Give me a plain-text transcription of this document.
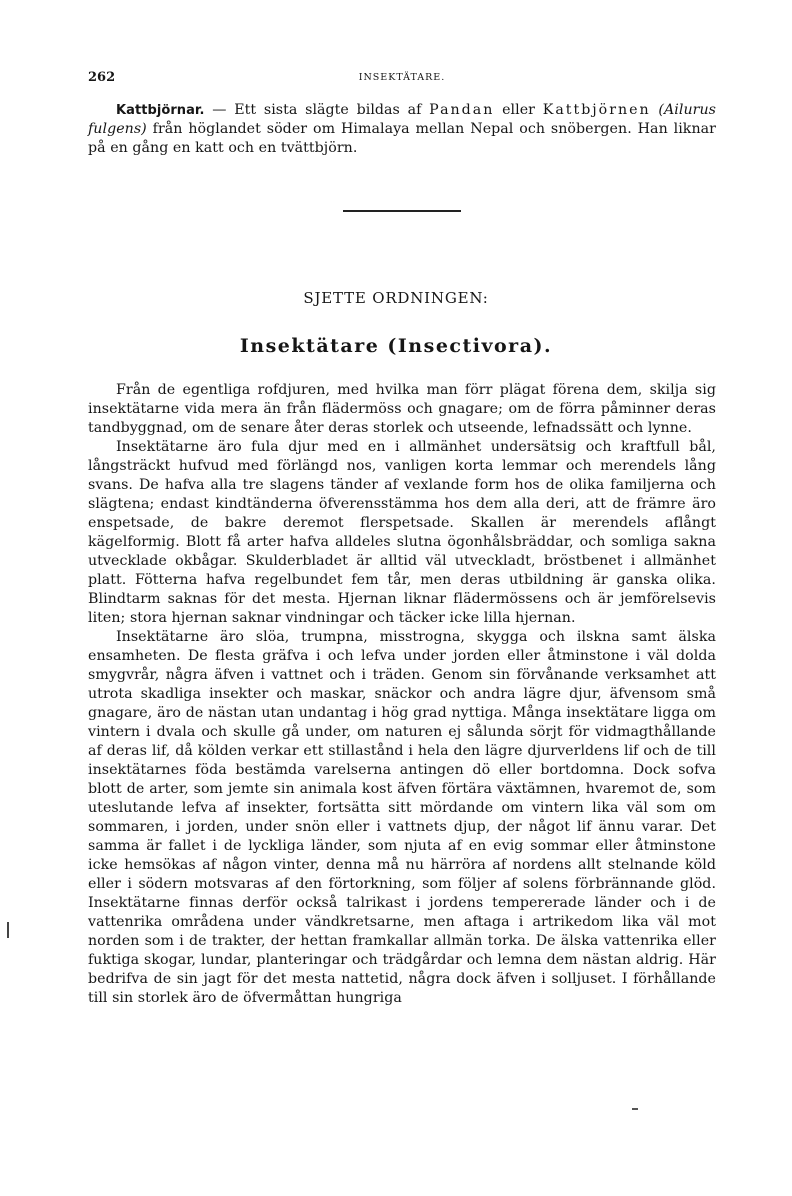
262	INSEKTÄTARE.

Kattbjörnar. — Ett sista slägte bildas af Pandan eller Kattbjörnen (Ailurus fulgens) från höglandet söder om Himalaya mellan Nepal och snöbergen. Han liknar på en gång en katt och en tvättbjörn.

SJETTE ORDNINGEN:
Insektätare (Insectivora).

Från de egentliga rofdjuren, med hvilka man förr plägat förena dem, skilja sig insektätarne vida mera än från flädermöss och gnagare; om de förra påminner deras tandbyggnad, om de senare åter deras storlek och utseende, lefnadssätt och lynne.

Insektätarne äro fula djur med en i allmänhet undersätsig och kraftfull bål, långsträckt hufvud med förlängd nos, vanligen korta lemmar och merendels lång svans. De hafva alla tre slagens tänder af vexlande form hos de olika familjerna och slägtena; endast kindtänderna öfverensstämma hos dem alla deri, att de främre äro enspetsade, de bakre deremot flerspetsade. Skallen är merendels aflångt kägelformig. Blott få arter hafva alldeles slutna ögonhålsbräddar, och somliga sakna utvecklade okbågar. Skulderbladet är alltid väl utveckladt, bröstbenet i allmänhet platt. Fötterna hafva regelbundet fem tår, men deras utbildning är ganska olika. Blindtarm saknas för det mesta. Hjernan liknar flädermössens och är jemförelsevis liten; stora hjernan saknar vindningar och täcker icke lilla hjernan.

Insektätarne äro slöa, trumpna, misstrogna, skygga och ilskna samt älska ensamheten. De flesta gräfva i och lefva under jorden eller åtminstone i väl dolda smygvrår, några äfven i vattnet och i träden. Genom sin förvånande verksamhet att utrota skadliga insekter och maskar, snäckor och andra lägre djur, äfvensom små gnagare, äro de nästan utan undantag i hög grad nyttiga. Många insektätare ligga om vintern i dvala och skulle gå under, om naturen ej sålunda sörjt för vidmagthållande af deras lif, då kölden verkar ett stillastånd i hela den lägre djurverldens lif och de till insektätarnes föda bestämda varelserna antingen dö eller bortdomna. Dock sofva blott de arter, som jemte sin animala kost äfven förtära växtämnen, hvaremot de, som uteslutande lefva af insekter, fortsätta sitt mördande om vintern lika väl som om sommaren, i jorden, under snön eller i vattnets djup, der något lif ännu varar. Det samma är fallet i de lyckliga länder, som njuta af en evig sommar eller åtminstone icke hemsökas af någon vinter, denna må nu härröra af nordens allt stelnande köld eller i södern motsvaras af den förtorkning, som följer af solens förbrännande glöd. Insektätarne finnas derför också talrikast i jordens tempererade länder och i de vattenrika områdena under vändkretsarne, men aftaga i artrikedom lika väl mot norden som i de trakter, der hettan framkallar allmän torka. De älska vattenrika eller fuktiga skogar, lundar, planteringar och trädgårdar och lemna dem nästan aldrig. Här bedrifva de sin jagt för det mesta nattetid, några dock äfven i solljuset. I förhållande till sin storlek äro de öfvermåttan hungriga
